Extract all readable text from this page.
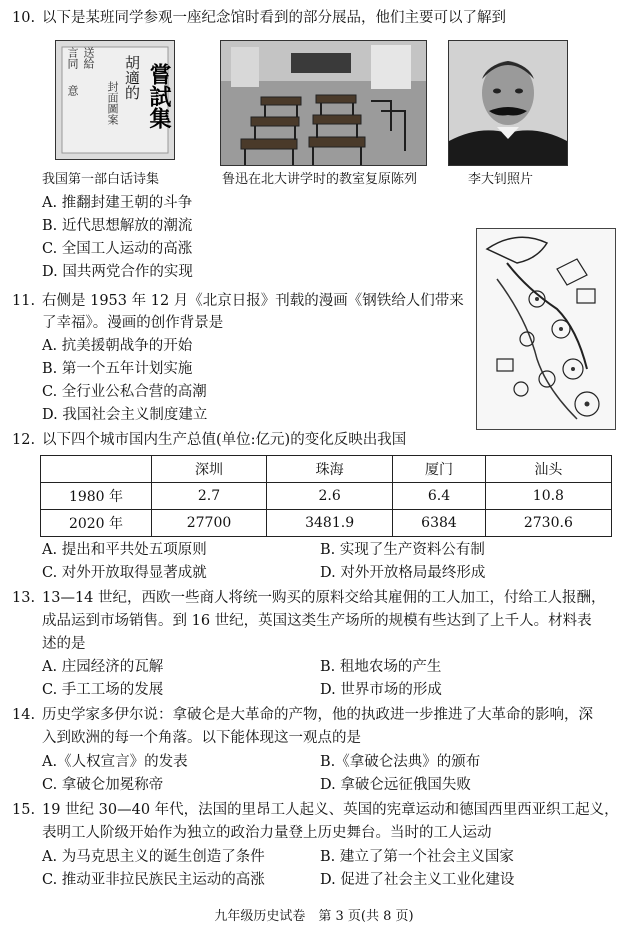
10. 以下是某班同学参观一座纪念馆时看到的部分展品，他们主要可以了解到
言同
意
送給
封面圖案
胡適的 嘗試集
我国第一部白话诗集	鲁迅在北大讲学时的教室复原陈列	李大钊照片
A. 推翻封建王朝的斗争
B. 近代思想解放的潮流
C. 全国工人运动的高涨
D. 国共两党合作的实现
11. 右侧是 1953 年 12 月《北京日报》刊载的漫画《钢铁给人们带来
了幸福》。漫画的创作背景是
A. 抗美援朝战争的开始
B. 第一个五年计划实施
C. 全行业公私合营的高潮
D. 我国社会主义制度建立
12. 以下四个城市国内生产总值(单位:亿元)的变化反映出我国
	深圳	珠海	厦门	汕头
1980 年	2.7	2.6	6.4	10.8
2020 年	27700	3481.9	6384	2730.6
A. 提出和平共处五项原则	B. 实现了生产资料公有制
C. 对外开放取得显著成就	D. 对外开放格局最终形成
13. 13—14 世纪，西欧一些商人将统一购买的原料交给其雇佣的工人加工，付给工人报酬，
成品运到市场销售。到 16 世纪，英国这类生产场所的规模有些达到了上千人。材料表
述的是
A. 庄园经济的瓦解	B. 租地农场的产生
C. 手工工场的发展	D. 世界市场的形成
14. 历史学家多伊尔说：拿破仑是大革命的产物，他的执政进一步推进了大革命的影响，深
入到欧洲的每一个角落。以下能体现这一观点的是
A.《人权宣言》的发表	B.《拿破仑法典》的颁布
C. 拿破仑加冕称帝	D. 拿破仑远征俄国失败
15. 19 世纪 30—40 年代，法国的里昂工人起义、英国的宪章运动和德国西里西亚织工起义，
表明工人阶级开始作为独立的政治力量登上历史舞台。当时的工人运动
A. 为马克思主义的诞生创造了条件	B. 建立了第一个社会主义国家
C. 推动亚非拉民族民主运动的高涨	D. 促进了社会主义工业化建设
九年级历史试卷　第 3 页(共 8 页)
